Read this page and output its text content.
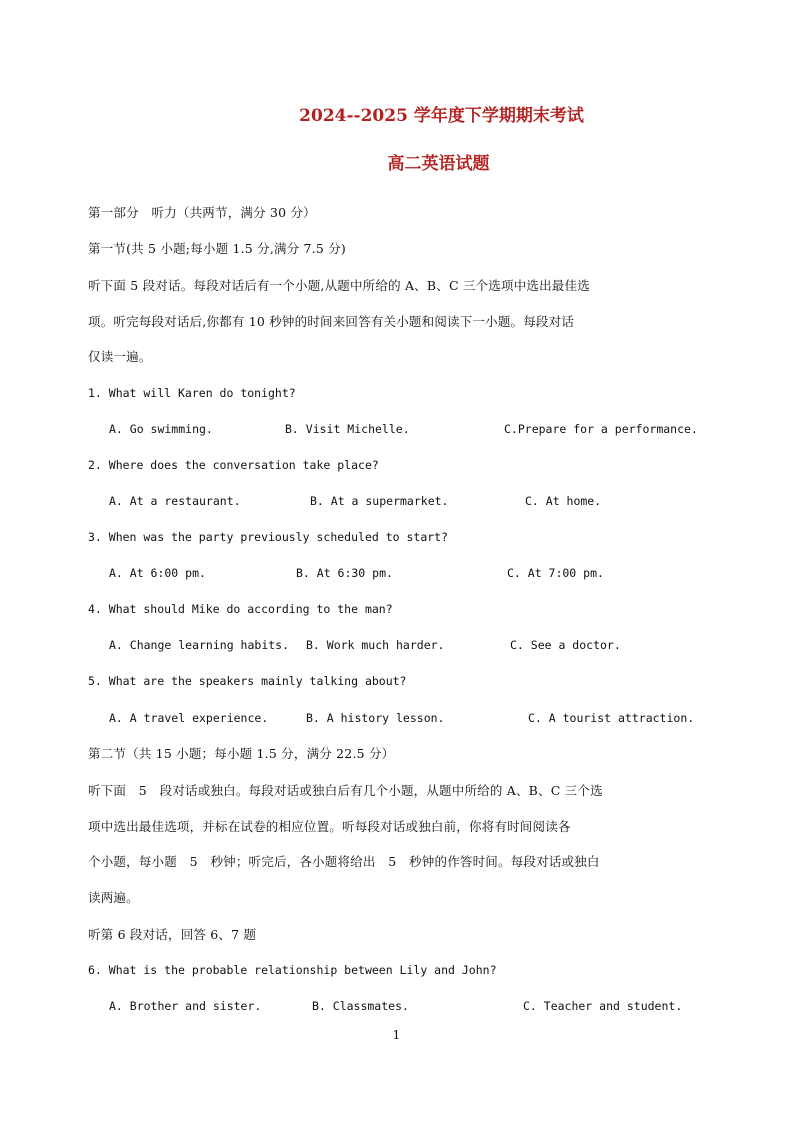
2024--2025 学年度下学期期末考试
高二英语试题
第一部分　听力（共两节，满分 30 分）
第一节(共 5 小题;每小题 1.5 分,满分 7.5 分)
听下面 5 段对话。每段对话后有一个小题,从题中所给的 A、B、C 三个选项中选出最佳选
项。听完每段对话后,你都有 10 秒钟的时间来回答有关小题和阅读下一小题。每段对话
仅读一遍。
1. What will Karen do tonight?
A. Go swimming.	B. Visit Michelle.	C.Prepare for a performance.
2. Where does the conversation take place?
A. At a restaurant.	B. At a supermarket.	C. At home.
3. When was the party previously scheduled to start?
A. At 6:00 pm.	B. At 6:30 pm.	C. At 7:00 pm.
4. What should Mike do according to the man?
A. Change learning habits. B. Work much harder.	C. See a doctor.
5. What are the speakers mainly talking about?
A. A travel experience.	B. A history lesson.	C. A tourist attraction.
第二节（共 15 小题；每小题 1.5 分，满分 22.5 分）
听下面　5　段对话或独白。每段对话或独白后有几个小题，从题中所给的 A、B、C 三个选
项中选出最佳选项，并标在试卷的相应位置。听每段对话或独白前，你将有时间阅读各
个小题，每小题　5　秒钟；听完后，各小题将给出　5　秒钟的作答时间。每段对话或独白
读两遍。
听第 6 段对话，回答 6、7 题
6. What is the probable relationship between Lily and John?
A. Brother and sister.	B. Classmates.	C. Teacher and student.
1
